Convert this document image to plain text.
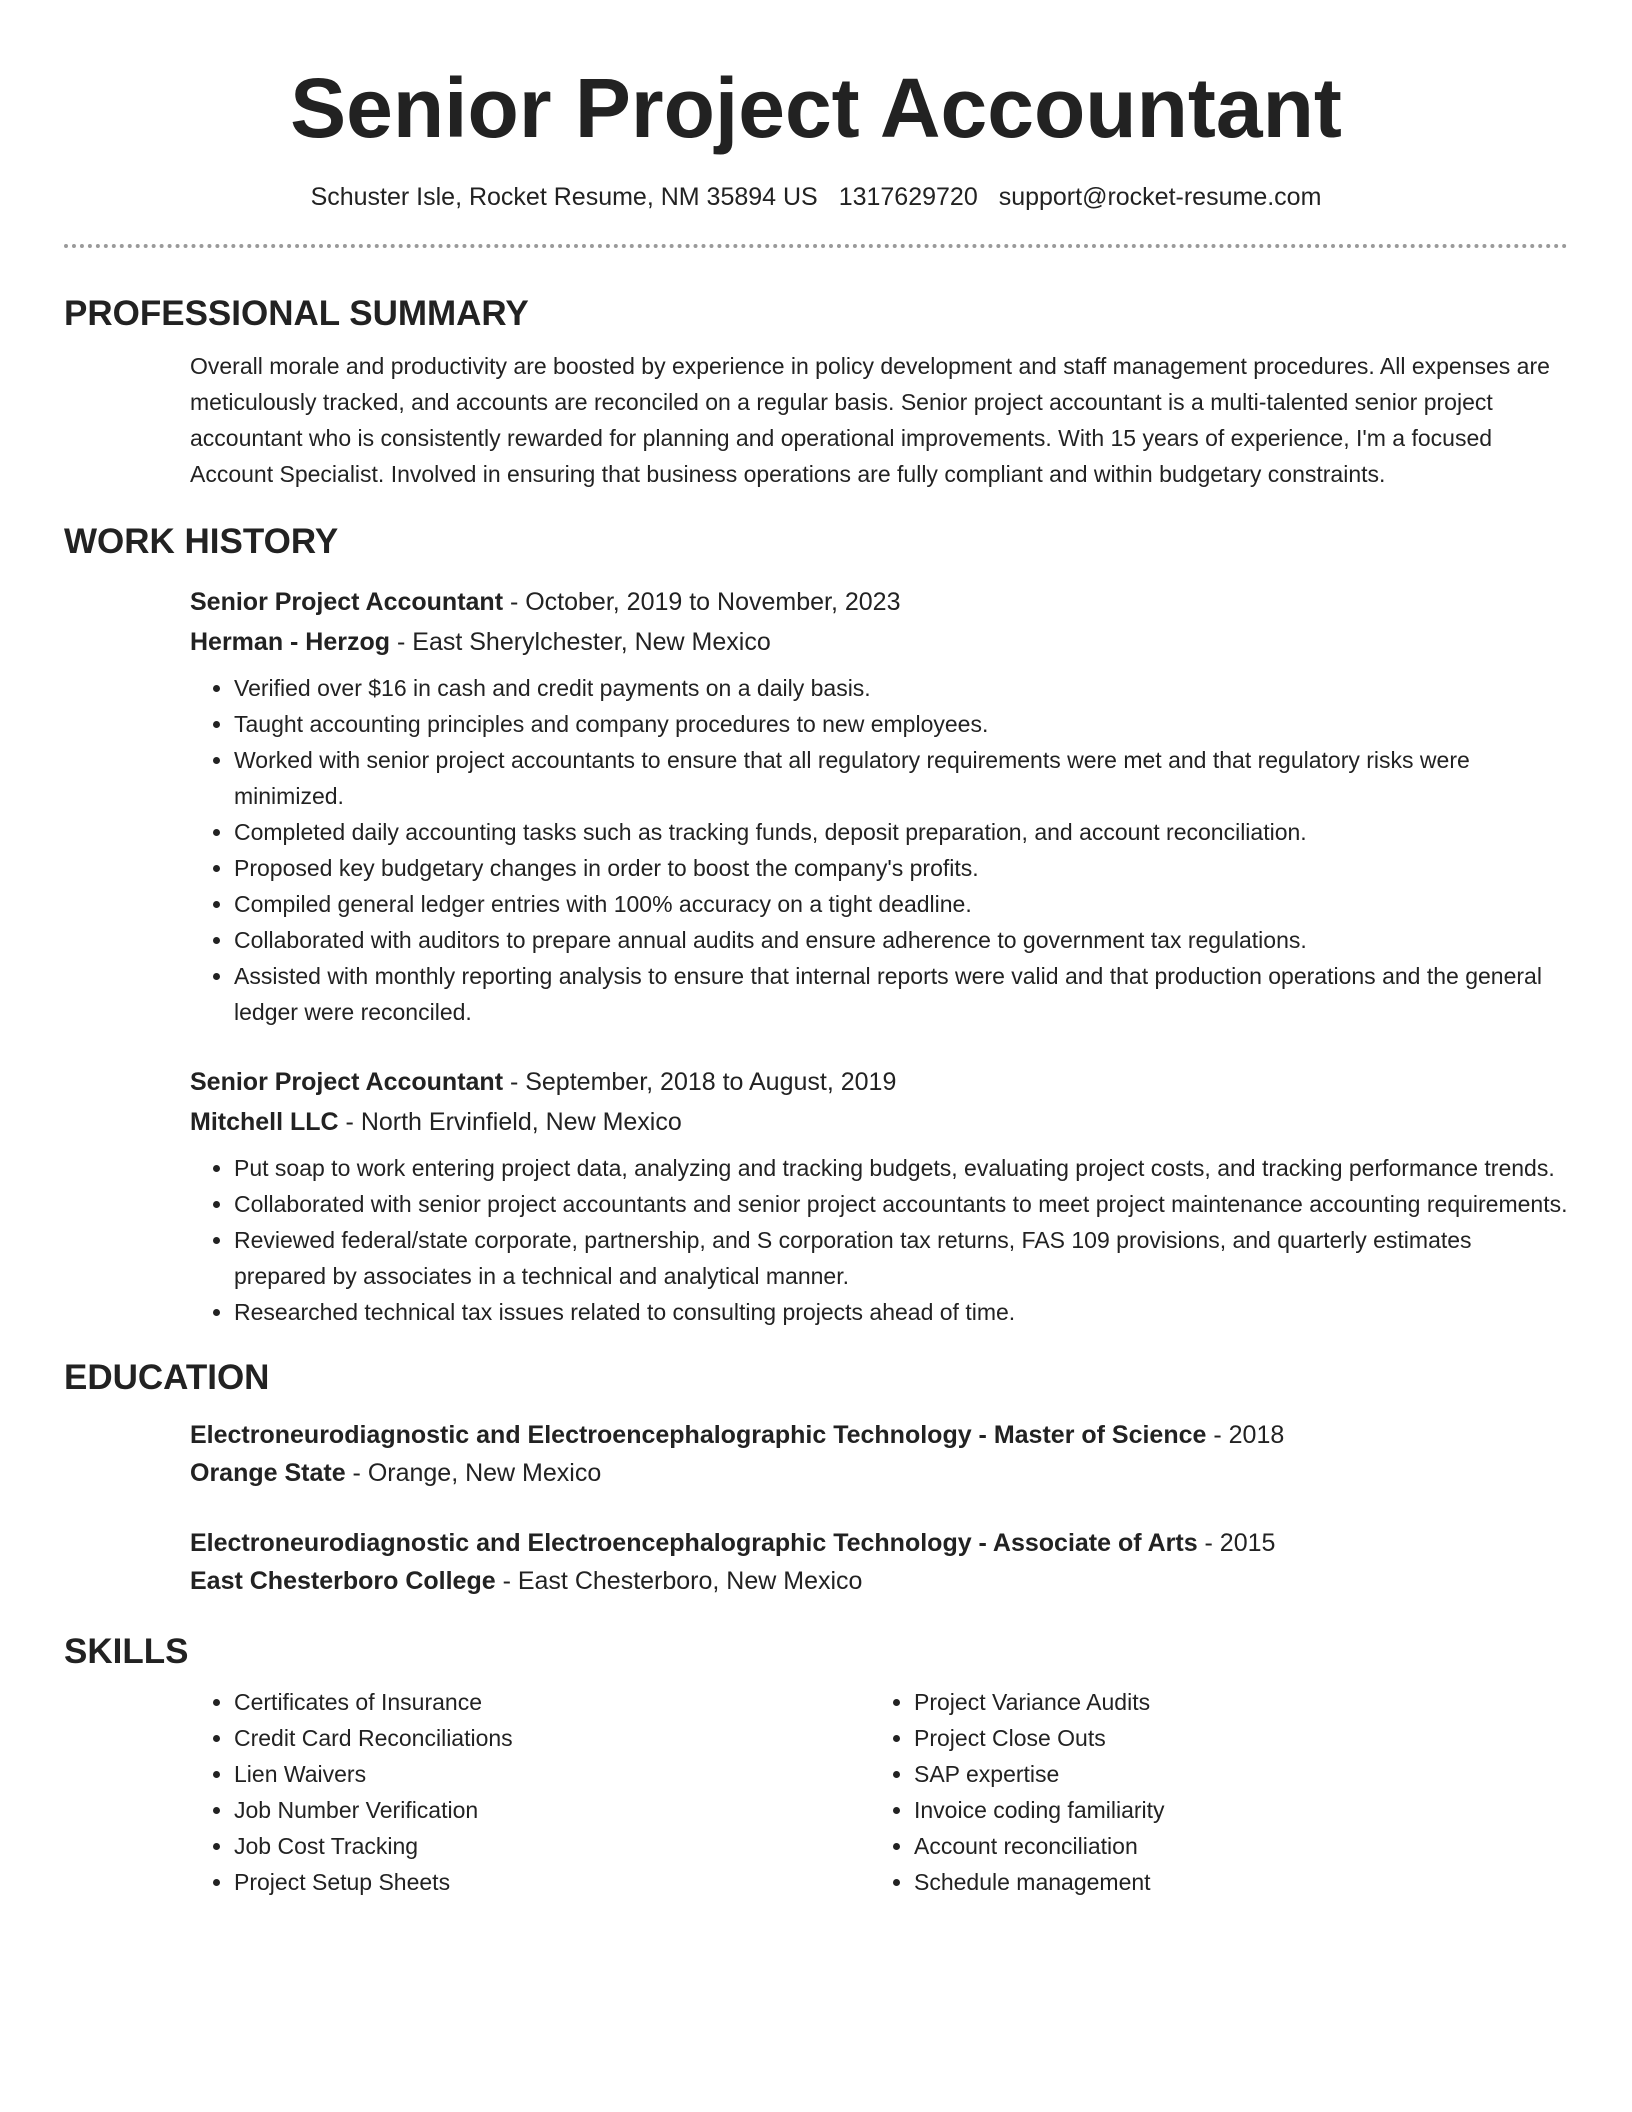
Senior Project Accountant
Schuster Isle, Rocket Resume, NM 35894 US 1317629720 support@rocket-resume.com
PROFESSIONAL SUMMARY
Overall morale and productivity are boosted by experience in policy development and staff management procedures. All expenses are meticulously tracked, and accounts are reconciled on a regular basis. Senior project accountant is a multi-talented senior project accountant who is consistently rewarded for planning and operational improvements. With 15 years of experience, I'm a focused Account Specialist. Involved in ensuring that business operations are fully compliant and within budgetary constraints.
WORK HISTORY
Senior Project Accountant - October, 2019 to November, 2023
Herman - Herzog - East Sherylchester, New Mexico
• Verified over $16 in cash and credit payments on a daily basis.
• Taught accounting principles and company procedures to new employees.
• Worked with senior project accountants to ensure that all regulatory requirements were met and that regulatory risks were minimized.
• Completed daily accounting tasks such as tracking funds, deposit preparation, and account reconciliation.
• Proposed key budgetary changes in order to boost the company's profits.
• Compiled general ledger entries with 100% accuracy on a tight deadline.
• Collaborated with auditors to prepare annual audits and ensure adherence to government tax regulations.
• Assisted with monthly reporting analysis to ensure that internal reports were valid and that production operations and the general ledger were reconciled.
Senior Project Accountant - September, 2018 to August, 2019
Mitchell LLC - North Ervinfield, New Mexico
• Put soap to work entering project data, analyzing and tracking budgets, evaluating project costs, and tracking performance trends.
• Collaborated with senior project accountants and senior project accountants to meet project maintenance accounting requirements.
• Reviewed federal/state corporate, partnership, and S corporation tax returns, FAS 109 provisions, and quarterly estimates prepared by associates in a technical and analytical manner.
• Researched technical tax issues related to consulting projects ahead of time.
EDUCATION
Electroneurodiagnostic and Electroencephalographic Technology - Master of Science - 2018
Orange State - Orange, New Mexico
Electroneurodiagnostic and Electroencephalographic Technology - Associate of Arts - 2015
East Chesterboro College - East Chesterboro, New Mexico
SKILLS
• Certificates of Insurance
• Credit Card Reconciliations
• Lien Waivers
• Job Number Verification
• Job Cost Tracking
• Project Setup Sheets
• Project Variance Audits
• Project Close Outs
• SAP expertise
• Invoice coding familiarity
• Account reconciliation
• Schedule management
